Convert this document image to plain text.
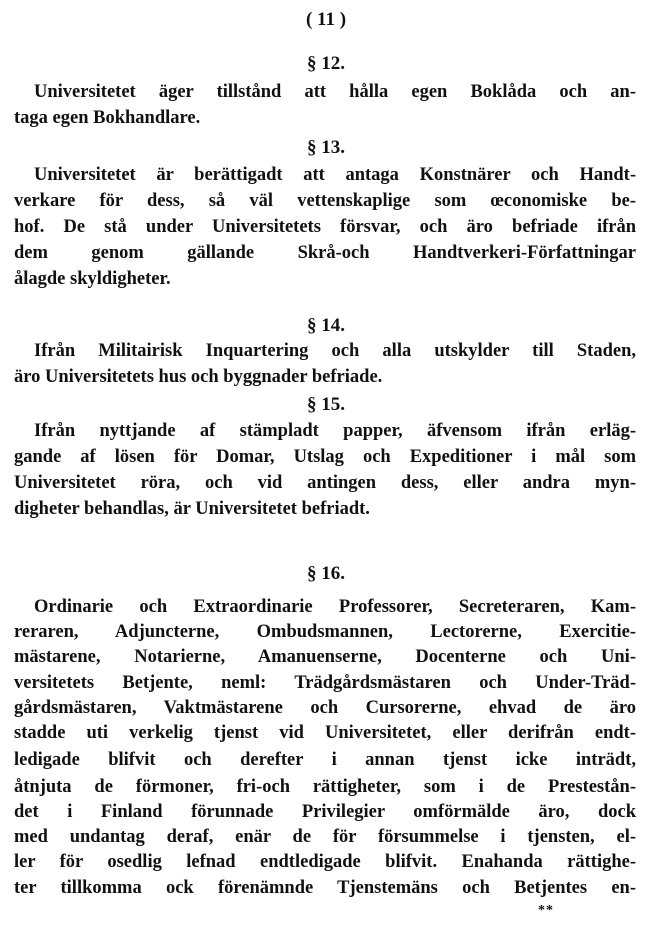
( 11 )
§ 12.
Universitetet äger tillstånd att hålla egen Boklåda och an-
taga egen Bokhandlare.
§ 13.
Universitetet är berättigadt att antaga Konstnärer och Handt-
verkare för dess, så väl vettenskaplige som œconomiske be-
hof. De stå under Universitetets försvar, och äro befriade ifrån
dem genom gällande Skrå-och Handtverkeri-Författningar
ålagde skyldigheter.
§ 14.
Ifrån Militairisk Inquartering och alla utskylder till Staden,
äro Universitetets hus och byggnader befriade.
§ 15.
Ifrån nyttjande af stämpladt papper, äfvensom ifrån erläg-
gande af lösen för Domar, Utslag och Expeditioner i mål som
Universitetet röra, och vid antingen dess, eller andra myn-
digheter behandlas, är Universitetet befriadt.
§ 16.
Ordinarie och Extraordinarie Professorer, Secreteraren, Kam-
reraren, Adjuncterne, Ombudsmannen, Lectorerne, Exercitie-
mästarene, Notarierne, Amanuenserne, Docenterne och Uni-
versitetets Betjente, neml: Trädgårdsmästaren och Under-Träd-
gårdsmästaren, Vaktmästarene och Cursorerne, ehvad de äro
stadde uti verkelig tjenst vid Universitetet, eller derifrån endt-
ledigade blifvit och derefter i annan tjenst icke inträdt,
åtnjuta de förmoner, fri-och rättigheter, som i de Prestestån-
det i Finland förunnade Privilegier omförmälde äro, dock
med undantag deraf, enär de för försummelse i tjensten, el-
ler för osedlig lefnad endtledigade blifvit. Enahanda rättighe-
ter tillkomma ock förenämnde Tjenstemäns och Betjentes en-
**
